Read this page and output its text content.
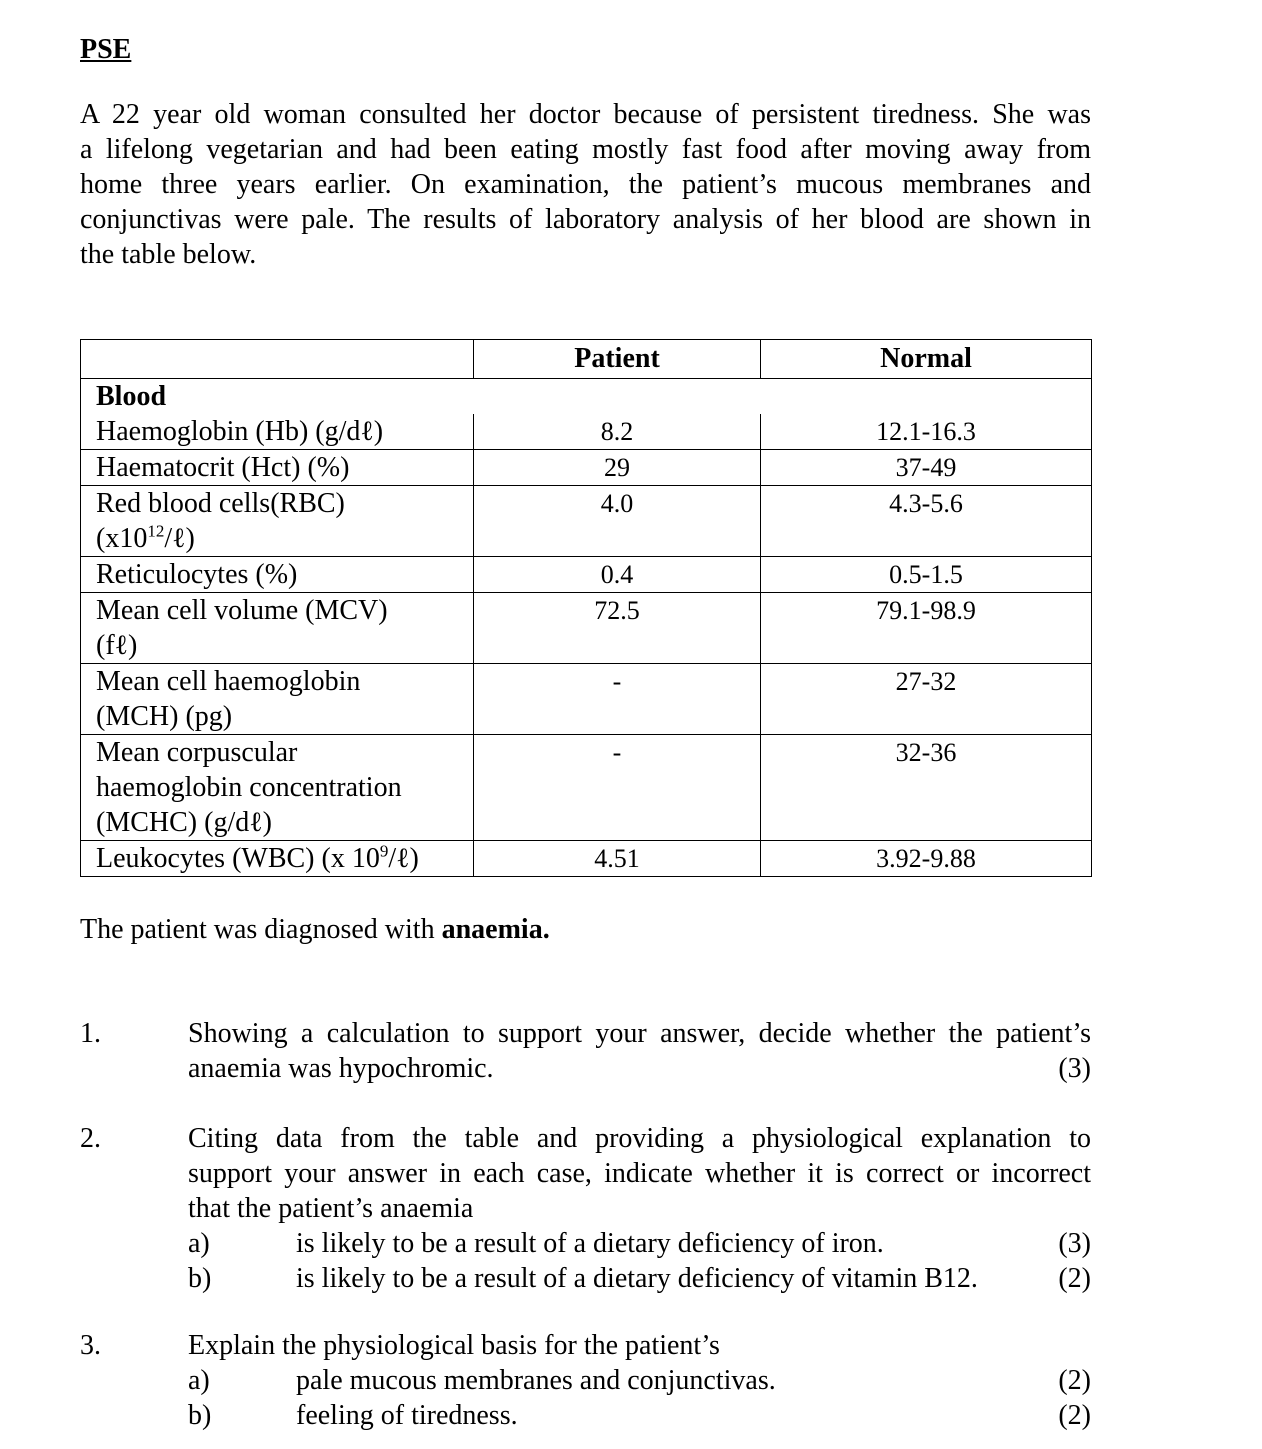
PSE
A 22 year old woman consulted her doctor because of persistent tiredness. She was
a lifelong vegetarian and had been eating mostly fast food after moving away from
home three years earlier. On examination, the patient’s mucous membranes and
conjunctivas were pale. The results of laboratory analysis of her blood are shown in
the table below.
	Patient	Normal
Blood		
Haemoglobin (Hb) (g/dℓ)	8.2	12.1-16.3
Haematocrit (Hct) (%)	29	37-49

Red blood cells(RBC)
$(x10^{12}/\ell)$	4.0	4.3-5.6
Reticulocytes (%)	0.4	0.5-1.5

Mean cell volume (MCV)
(fℓ)	72.5	79.1-98.9

Mean cell haemoglobin
(MCH) (pg)	-	27-32

Mean corpuscular
haemoglobin concentration
(MCHC) (g/dℓ)	-	32-36
Leukocytes (WBC) (x $10^9/\ell$)	4.51	3.92-9.88
The patient was diagnosed with anaemia.
1.	Showing a calculation to support your answer, decide whether the patient’s
anaemia was hypochromic.	(3)
2.	Citing data from the table and providing a physiological explanation to
support your answer in each case, indicate whether it is correct or incorrect
that the patient’s anaemia
a)	is likely to be a result of a dietary deficiency of iron.	(3)
b)	is likely to be a result of a dietary deficiency of vitamin B12.	(2)
3.	Explain the physiological basis for the patient’s
a)	pale mucous membranes and conjunctivas.	(2)
b)	feeling of tiredness.	(2)
